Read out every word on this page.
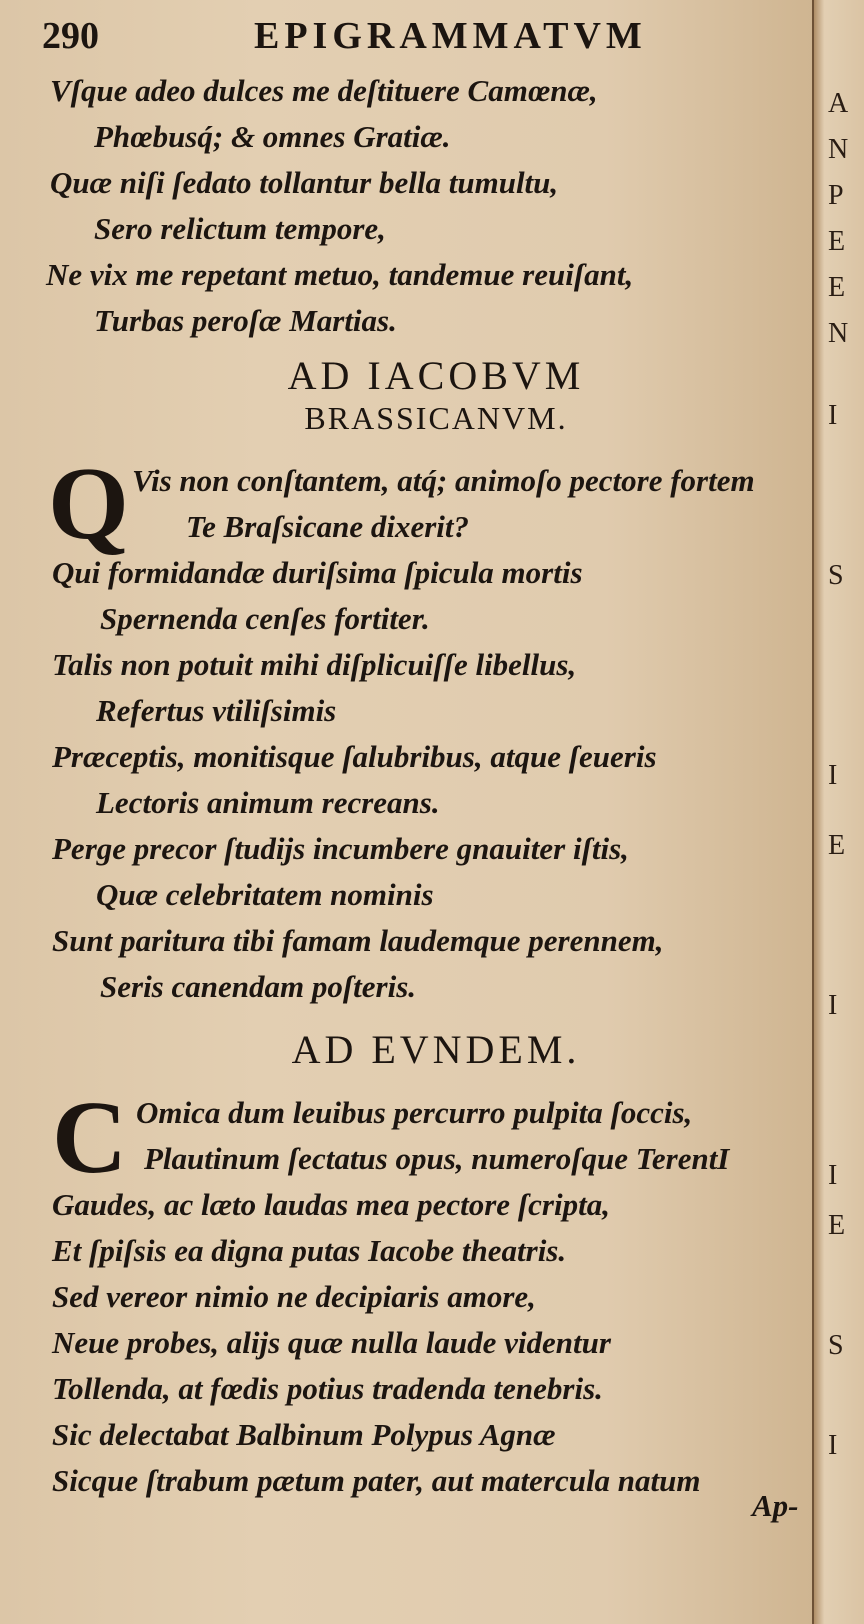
290	EPIGRAMMATVM
Vſque adeo dulces me deſtituere Camœnæ,
Phœbusq́; & omnes Gratiæ.
Quæ niſi ſedato tollantur bella tumultu,
Sero relictum tempore,
Ne vix me repetant metuo, tandemue reuiſant,
Turbas peroſæ Martias.
AD IACOBVM
BRASSICANVM.
Q Vis non conſtantem, atq́; animoſo pectore fortem
Te Braſsicane dixerit?
Qui formidandæ duriſsima ſpicula mortis
Spernenda cenſes fortiter.
Talis non potuit mihi diſplicuiſſe libellus,
Refertus vtiliſsimis
Præceptis, monitisque ſalubribus, atque ſeueris
Lectoris animum recreans.
Perge precor ſtudijs incumbere gnauiter iſtis,
Quæ celebritatem nominis
Sunt paritura tibi famam laudemque perennem,
Seris canendam poſteris.
AD EVNDEM.
C Omica dum leuibus percurro pulpita ſoccis,
Plautinum ſectatus opus, numeroſque TerentI
Gaudes, ac læto laudas mea pectore ſcripta,
Et ſpiſsis ea digna putas Iacobe theatris.
Sed vereor nimio ne decipiaris amore,
Neue probes, alijs quæ nulla laude videntur
Tollenda, at fœdis potius tradenda tenebris.
Sic delectabat Balbinum Polypus Agnæ
Sicque ſtrabum pætum pater, aut matercula natum
Ap-
A
N
P
E
E
N
I
S
I
E
I
I
E
S
I
